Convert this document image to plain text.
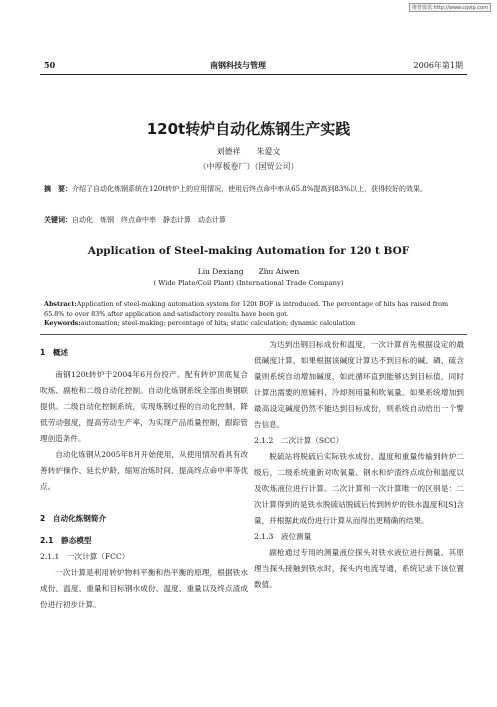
维普资讯 http://www.cqvip.com
50	南钢科技与管理	2006年第1期
120t转炉自动化炼钢生产实践
刘德祥　　朱爱文
（中厚板卷厂）（国贸公司）
摘　要：介绍了自动化炼钢系统在120t转炉上的应用情况，使用后终点命中率从65.8%提高到83%以上，获得较好的效果。
关键词：自动化　炼钢　终点命中率　静态计算　动态计算
Application of Steel-making Automation for 120 t BOF
Liu Dexiang　　Zhu Aiwen
( Wide Plate/Coil Plant) (International Trade Company)
Abstract:Application of steel-making automation system for 120t BOF is introduced. The percentage of hits has raised from 65.8% to over 83% after application and satisfactory results have been got.
Keywords:automation; steel-making; percentage of hits; static calculation; dynamic calculation
1　概述

南钢120t转炉于2004年6月份投产。配有转炉顶底复合吹炼、副枪和二级自动化控制。自动化炼钢系统全部由奥钢联提供。二级自动化控制系统，实现炼钢过程的自动化控制，降低劳动强度，提高劳动生产率，为实现产品质量控制，跟踪管理创造条件。

自动化炼钢从2005年8月开始使用，从使用情况看具有改善转炉操作、延长炉龄、缩短冶炼时间、提高终点命中率等优点。

2　自动化炼钢简介
2.1　静态模型
2.1.1　一次计算（FCC）

一次计算是利用转炉物料平衡和热平衡的原理，根据铁水成份、温度、重量和目标钢水成份、温度、重量以及终点渣成份进行初步计算。

为达到出钢目标成份和温度，一次计算首先根据设定的最低碱度计算，如果根据该碱度计算达不到目标的碱、磷、硫含量则系统自动增加碱度，如此循环直到能够达到目标值，同时计算出需要的原辅料、冷却剂用量和吹氧量。如果系统增加到最高设定碱度仍然不能达到目标成份，则系统自动给出一个警告信息。

2.1.2　二次计算（SCC）

脱硫站将脱硫后实际铁水成份、温度和重量传输到转炉二级后，二级系统重新对吹氧量、钢水和炉渣终点成份和温度以及吹炼液位进行计算。二次计算和一次计算唯一的区别是：二次计算得到的是铁水脱硫站脱硫后传到转炉的铁水温度和[S]含量，并根据此成份进行计算从而得出更精确的结果。

2.1.3　液位测量

副枪通过专用的测量液位探头对铁水液位进行测量。其原理当探头接触到铁水时，探头内电流导通，系统记录下该位置数值。
